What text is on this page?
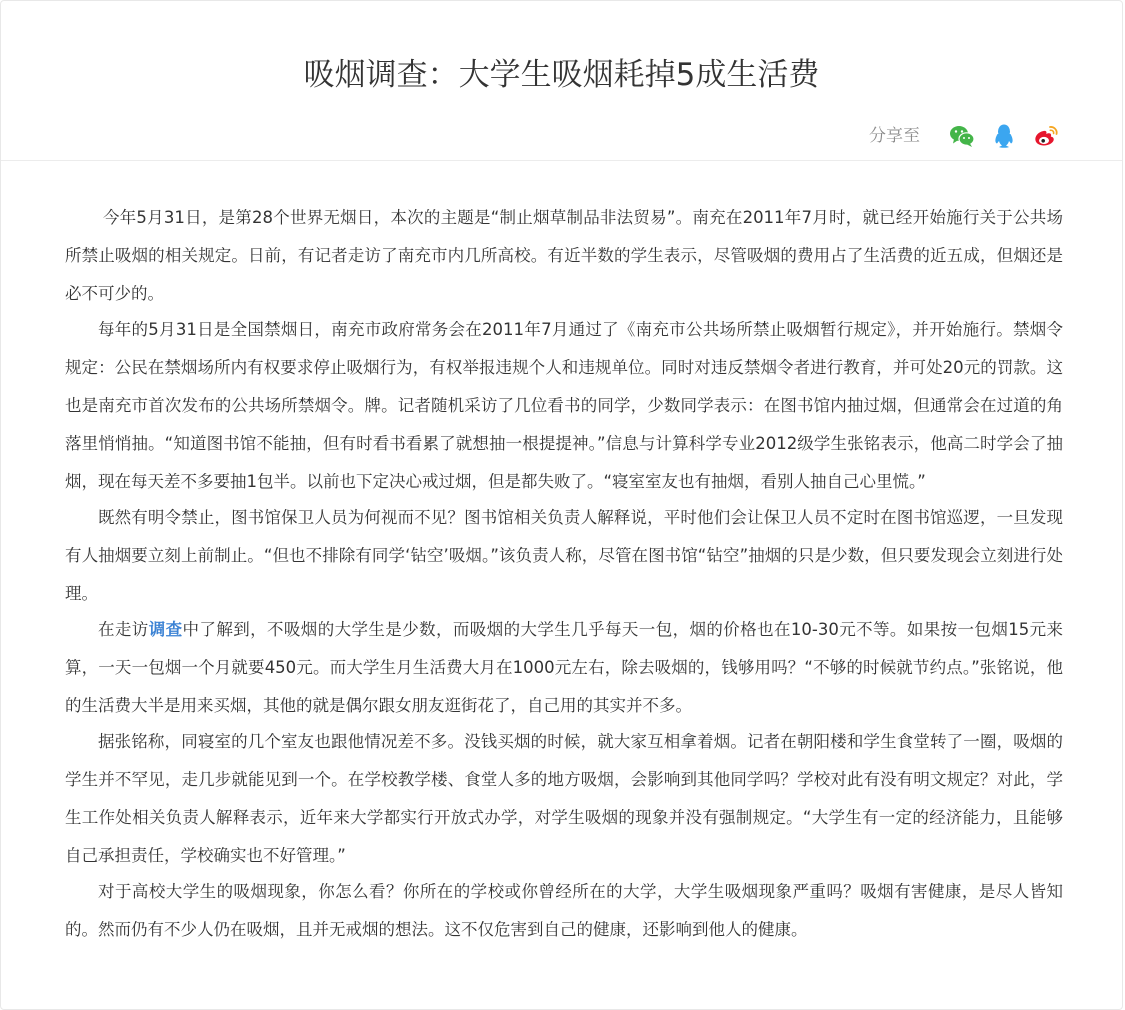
吸烟调查：大学生吸烟耗掉5成生活费
分享至

今年5月31日，是第28个世界无烟日，本次的主题是“制止烟草制品非法贸易”。南充在2011年7月时，就已经开始施行关于公共场所禁止吸烟的相关规定。日前，有记者走访了南充市内几所高校。有近半数的学生表示，尽管吸烟的费用占了生活费的近五成，但烟还是必不可少的。

每年的5月31日是全国禁烟日，南充市政府常务会在2011年7月通过了《南充市公共场所禁止吸烟暂行规定》，并开始施行。禁烟令规定：公民在禁烟场所内有权要求停止吸烟行为，有权举报违规个人和违规单位。同时对违反禁烟令者进行教育，并可处20元的罚款。这也是南充市首次发布的公共场所禁烟令。牌。记者随机采访了几位看书的同学，少数同学表示：在图书馆内抽过烟，但通常会在过道的角落里悄悄抽。“知道图书馆不能抽，但有时看书看累了就想抽一根提提神。”信息与计算科学专业2012级学生张铭表示，他高二时学会了抽烟，现在每天差不多要抽1包半。以前也下定决心戒过烟，但是都失败了。“寝室室友也有抽烟，看别人抽自己心里慌。”

既然有明令禁止，图书馆保卫人员为何视而不见？图书馆相关负责人解释说，平时他们会让保卫人员不定时在图书馆巡逻，一旦发现有人抽烟要立刻上前制止。“但也不排除有同学‘钻空’吸烟。”该负责人称，尽管在图书馆“钻空”抽烟的只是少数，但只要发现会立刻进行处理。

在走访调查中了解到，不吸烟的大学生是少数，而吸烟的大学生几乎每天一包，烟的价格也在10-30元不等。如果按一包烟15元来算，一天一包烟一个月就要450元。而大学生月生活费大月在1000元左右，除去吸烟的，钱够用吗？“不够的时候就节约点。”张铭说，他的生活费大半是用来买烟，其他的就是偶尔跟女朋友逛街花了，自己用的其实并不多。

据张铭称，同寝室的几个室友也跟他情况差不多。没钱买烟的时候，就大家互相拿着烟。记者在朝阳楼和学生食堂转了一圈，吸烟的学生并不罕见，走几步就能见到一个。在学校教学楼、食堂人多的地方吸烟，会影响到其他同学吗？学校对此有没有明文规定？对此，学生工作处相关负责人解释表示，近年来大学都实行开放式办学，对学生吸烟的现象并没有强制规定。“大学生有一定的经济能力，且能够自己承担责任，学校确实也不好管理。”

对于高校大学生的吸烟现象，你怎么看？你所在的学校或你曾经所在的大学，大学生吸烟现象严重吗？吸烟有害健康，是尽人皆知的。然而仍有不少人仍在吸烟，且并无戒烟的想法。这不仅危害到自己的健康，还影响到他人的健康。
